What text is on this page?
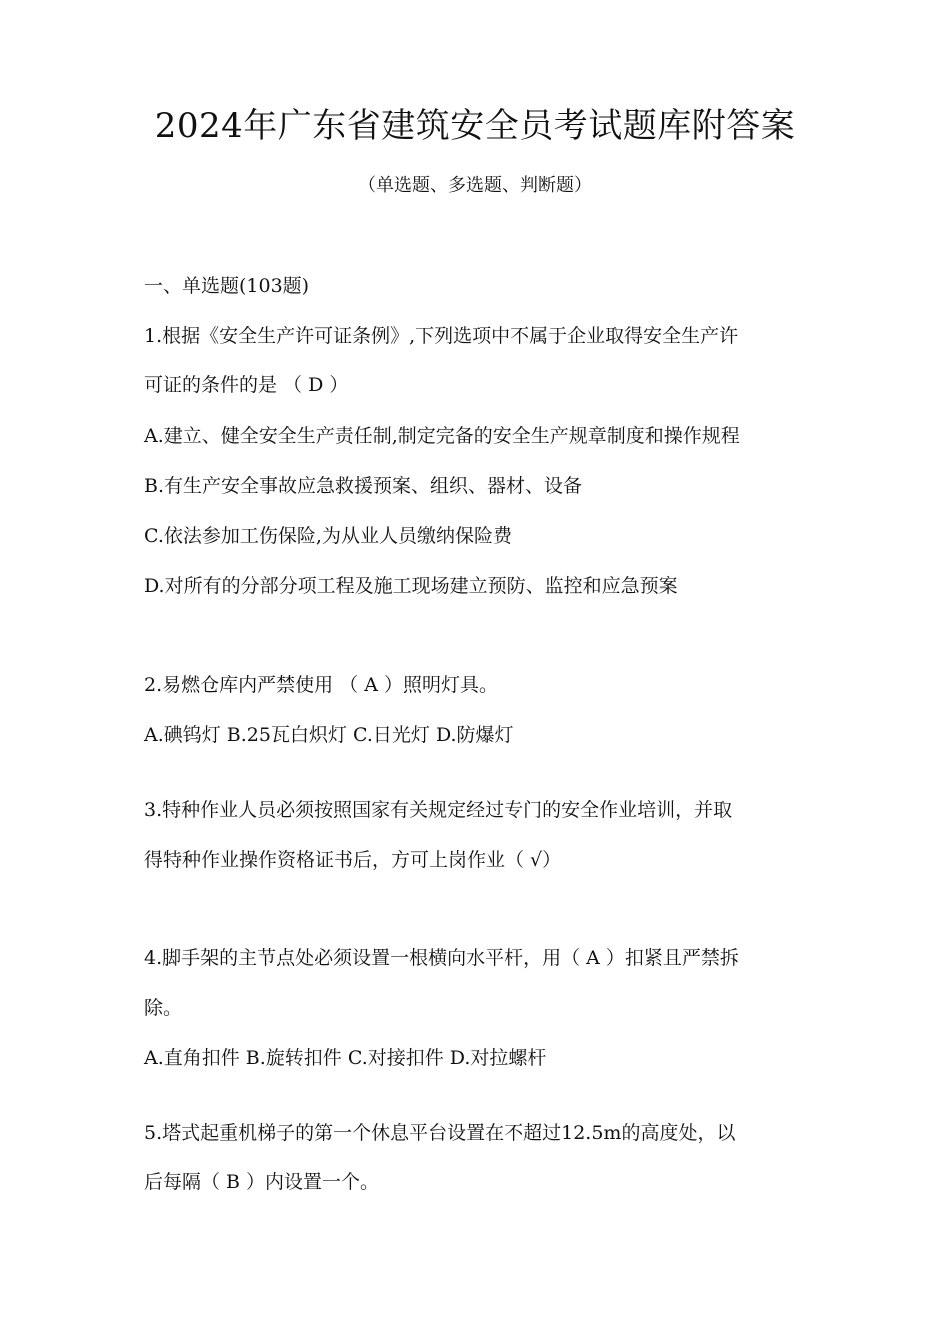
2024年广东省建筑安全员考试题库附答案
（单选题、多选题、判断题）
一、单选题(103题)
1.根据《安全生产许可证条例》,下列选项中不属于企业取得安全生产许
可证的条件的是 （ D ）
A.建立、健全安全生产责任制,制定完备的安全生产规章制度和操作规程
B.有生产安全事故应急救援预案、组织、器材、设备
C.依法参加工伤保险,为从业人员缴纳保险费
D.对所有的分部分项工程及施工现场建立预防、监控和应急预案
2.易燃仓库内严禁使用 （ A ）照明灯具。
A.碘钨灯 B.25瓦白炽灯 C.日光灯 D.防爆灯
3.特种作业人员必须按照国家有关规定经过专门的安全作业培训，并取
得特种作业操作资格证书后，方可上岗作业（ √）
4.脚手架的主节点处必须设置一根横向水平杆，用（ A ）扣紧且严禁拆
除。
A.直角扣件 B.旋转扣件 C.对接扣件 D.对拉螺杆
5.塔式起重机梯子的第一个休息平台设置在不超过12.5m的高度处，以
后每隔（ B ）内设置一个。
